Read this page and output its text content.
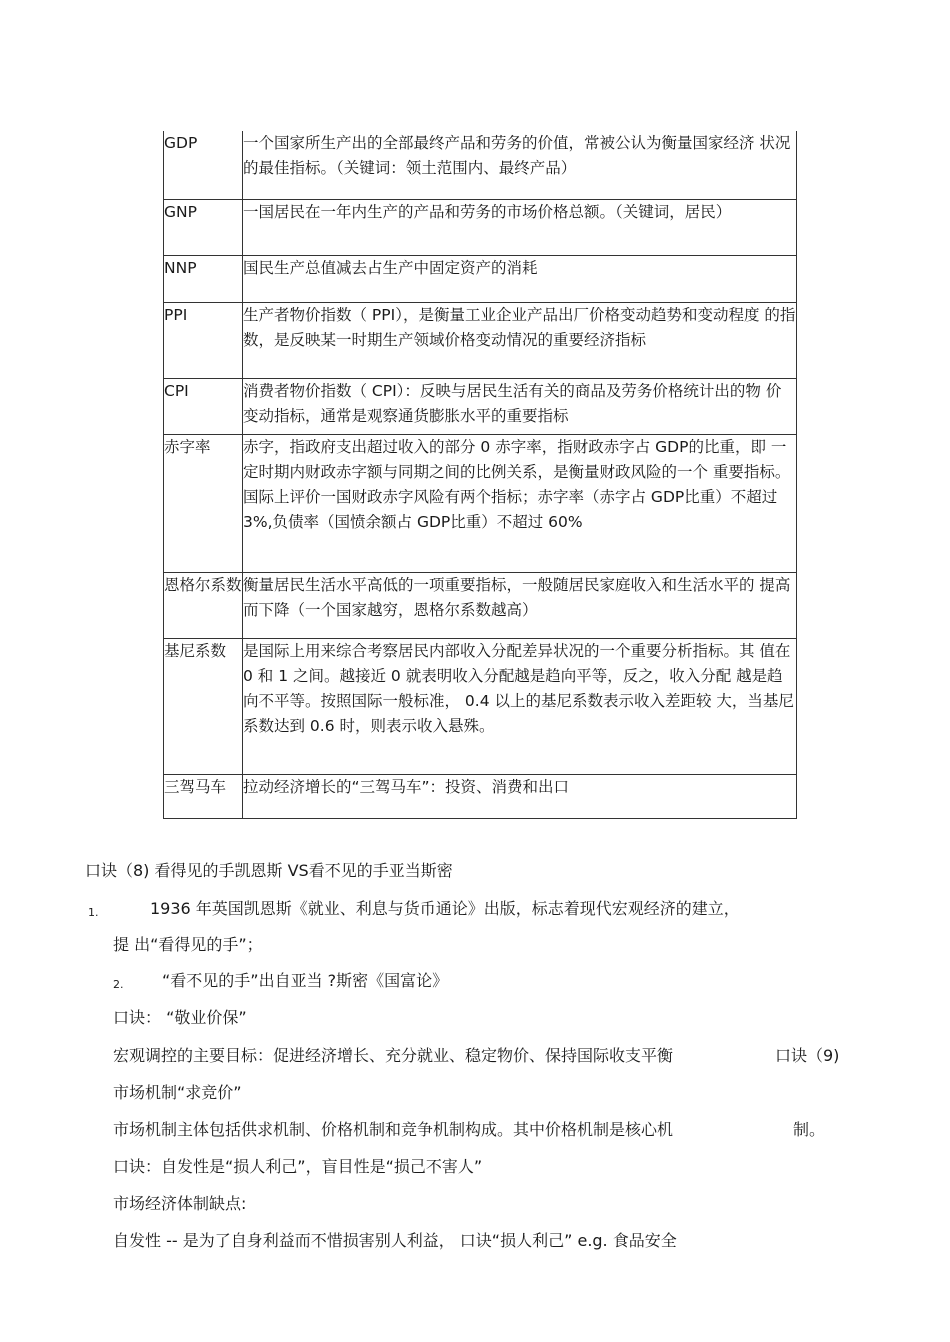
GDP	一个国家所生产出的全部最终产品和劳务的价值，常被公认为衡量国家经济 状况的最佳指标。（关键词：领土范围内、最终产品）

GNP	一国居民在一年内生产的产品和劳务的市场价格总额。（关键词，居民）

NNP	国民生产总值减去占生产中固定资产的消耗

PPI	生产者物价指数（ PPI），是衡量工业企业产品出厂价格变动趋势和变动程度 的指数，是反映某一时期生产领域价格变动情况的重要经济指标

CPI	消费者物价指数（ CPI）：反映与居民生活有关的商品及劳务价格统计出的物 价变动指标，通常是观察通货膨胀水平的重要指标

赤字率	赤字，指政府支出超过收入的部分 0 赤字率，指财政赤字占 GDP的比重，即 一定时期内财政赤字额与同期之间的比例关系，是衡量财政风险的一个 重要指标。国际上评价一国财政赤字风险有两个指标；赤字率（赤字占 GDP比重）不超过 3%,负债率（国愤余额占 GDP比重）不超过 60%

恩格尔系数	衡量居民生活水平高低的一项重要指标，一般随居民家庭收入和生活水平的 提高而下降（一个国家越穷，恩格尔系数越高）

基尼系数	是国际上用来综合考察居民内部收入分配差异状况的一个重要分析指标。其 值在 0 和 1 之间。越接近 0 就表明收入分配越是趋向平等，反之，收入分配 越是趋向不平等。按照国际一般标准， 0.4 以上的基尼系数表示收入差距较 大，当基尼系数达到 0.6 时，则表示收入悬殊。

三驾马车	拉动经济增长的“三驾马车”：投资、消费和出口
口诀（8) 看得见的手凯恩斯 VS看不见的手亚当斯密
1.	1936 年英国凯恩斯《就业、利息与货币通论》出版，标志着现代宏观经济的建立，
提 出“看得见的手”；
2. “看不见的手”出自亚当 ?斯密《国富论》
口诀： “敬业价保”
宏观调控的主要目标：促进经济增长、充分就业、稳定物价、保持国际收支平衡	口诀（9)
市场机制“求竞价”
市场机制主体包括供求机制、价格机制和竞争机制构成。其中价格机制是核心机	制。
口诀：自发性是“损人利己”，盲目性是“损己不害人”
市场经济体制缺点:
自发性 -- 是为了自身利益而不惜损害别人利益， 口诀“损人利己” e.g. 食品安全
